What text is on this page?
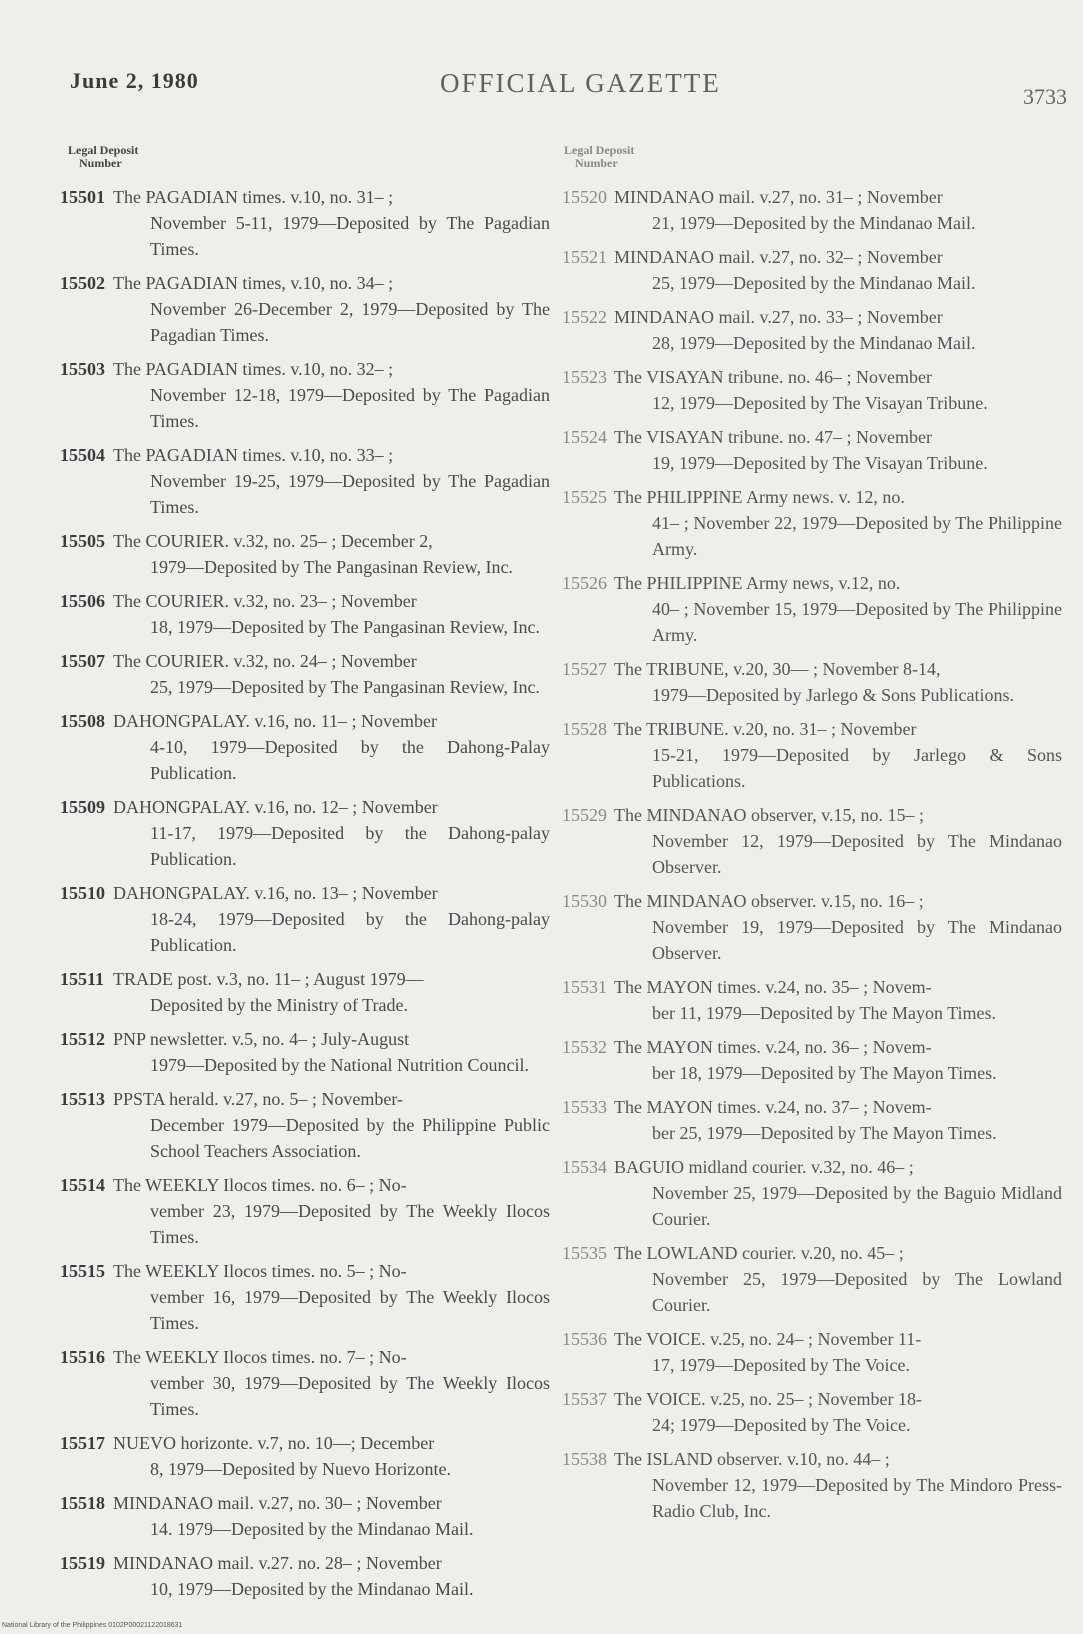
June 2, 1980	OFFICIAL GAZETTE	3733
Legal Deposit
Number
15501 The PAGADIAN times. v.10, no. 31– ;
November 5-11, 1979—Deposited by The Pagadian Times.
15502 The PAGADIAN times, v.10, no. 34– ;
November 26-December 2, 1979—Deposited by The Pagadian Times.
15503 The PAGADIAN times. v.10, no. 32– ;
November 12-18, 1979—Deposited by The Pagadian Times.
15504 The PAGADIAN times. v.10, no. 33– ;
November 19-25, 1979—Deposited by The Pagadian Times.
15505 The COURIER. v.32, no. 25– ; December 2,
1979—Deposited by The Pangasinan Review, Inc.
15506 The COURIER. v.32, no. 23– ; November
18, 1979—Deposited by The Pangasinan Review, Inc.
15507 The COURIER. v.32, no. 24– ; November
25, 1979—Deposited by The Pangasinan Review, Inc.
15508 DAHONGPALAY. v.16, no. 11– ; November
4-10, 1979—Deposited by the Dahong-Palay Publication.
15509 DAHONGPALAY. v.16, no. 12– ; November
11-17, 1979—Deposited by the Dahong-palay Publication.
15510 DAHONGPALAY. v.16, no. 13– ; November
18-24, 1979—Deposited by the Dahong-palay Publication.
15511 TRADE post. v.3, no. 11– ; August 1979—
Deposited by the Ministry of Trade.
15512 PNP newsletter. v.5, no. 4– ; July-August
1979—Deposited by the National Nutrition Council.
15513 PPSTA herald. v.27, no. 5– ; November-
December 1979—Deposited by the Philippine Public School Teachers Association.
15514 The WEEKLY Ilocos times. no. 6– ; No-
vember 23, 1979—Deposited by The Weekly Ilocos Times.
15515 The WEEKLY Ilocos times. no. 5– ; No-
vember 16, 1979—Deposited by The Weekly Ilocos Times.
15516 The WEEKLY Ilocos times. no. 7– ; No-
vember 30, 1979—Deposited by The Weekly Ilocos Times.
15517 NUEVO horizonte. v.7, no. 10—; December
8, 1979—Deposited by Nuevo Horizonte.
15518 MINDANAO mail. v.27, no. 30– ; November
14. 1979—Deposited by the Mindanao Mail.
15519 MINDANAO mail. v.27. no. 28– ; November
10, 1979—Deposited by the Mindanao Mail.
Legal Deposit
Number
15520 MINDANAO mail. v.27, no. 31– ; November
21, 1979—Deposited by the Mindanao Mail.
15521 MINDANAO mail. v.27, no. 32– ; November
25, 1979—Deposited by the Mindanao Mail.
15522 MINDANAO mail. v.27, no. 33– ; November
28, 1979—Deposited by the Mindanao Mail.
15523 The VISAYAN tribune. no. 46– ; November
12, 1979—Deposited by The Visayan Tribune.
15524 The VISAYAN tribune. no. 47– ; November
19, 1979—Deposited by The Visayan Tribune.
15525 The PHILIPPINE Army news. v. 12, no.
41– ; November 22, 1979—Deposited by The Philippine Army.
15526 The PHILIPPINE Army news, v.12, no.
40– ; November 15, 1979—Deposited by The Philippine Army.
15527 The TRIBUNE, v.20, 30— ; November 8-14,
1979—Deposited by Jarlego & Sons Publications.
15528 The TRIBUNE. v.20, no. 31– ; November
15-21, 1979—Deposited by Jarlego & Sons Publications.
15529 The MINDANAO observer, v.15, no. 15– ;
November 12, 1979—Deposited by The Mindanao Observer.
15530 The MINDANAO observer. v.15, no. 16– ;
November 19, 1979—Deposited by The Mindanao Observer.
15531 The MAYON times. v.24, no. 35– ; Novem-
ber 11, 1979—Deposited by The Mayon Times.
15532 The MAYON times. v.24, no. 36– ; Novem-
ber 18, 1979—Deposited by The Mayon Times.
15533 The MAYON times. v.24, no. 37– ; Novem-
ber 25, 1979—Deposited by The Mayon Times.
15534 BAGUIO midland courier. v.32, no. 46– ;
November 25, 1979—Deposited by the Baguio Midland Courier.
15535 The LOWLAND courier. v.20, no. 45– ;
November 25, 1979—Deposited by The Lowland Courier.
15536 The VOICE. v.25, no. 24– ; November 11-
17, 1979—Deposited by The Voice.
15537 The VOICE. v.25, no. 25– ; November 18-
24; 1979—Deposited by The Voice.
15538 The ISLAND observer. v.10, no. 44– ;
November 12, 1979—Deposited by The Mindoro Press-Radio Club, Inc.
National Library of the Philippines 0102P00021122018631
